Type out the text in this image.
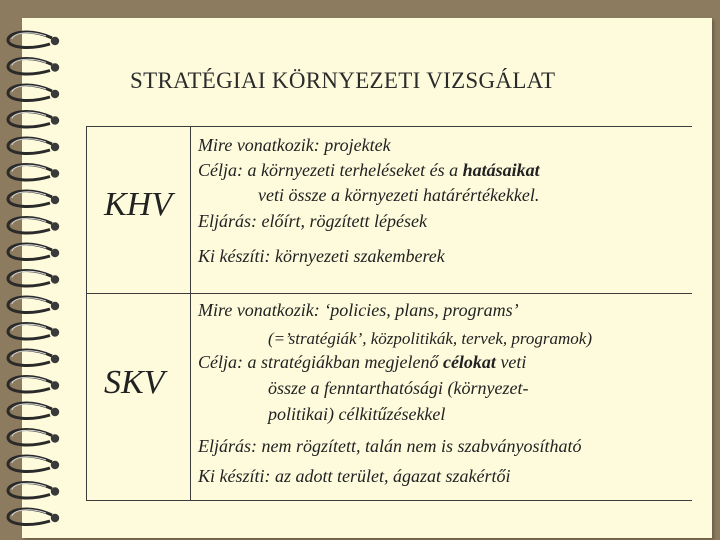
STRATÉGIAI KÖRNYEZETI VIZSGÁLAT
KHV
Mire vonatkozik: projektek
Célja: a környezeti terheléseket és a hatásaikat
veti össze a környezeti határértékekkel.
Eljárás: előírt, rögzített lépések
Ki készíti: környezeti szakemberek
SKV
Mire vonatkozik: ‘policies, plans, programs’
(=’stratégiák’, közpolitikák, tervek, programok)
Célja: a stratégiákban megjelenő célokat veti
össze a fenntarthatósági (környezet-
politikai) célkitűzésekkel
Eljárás: nem rögzített, talán nem is szabványosítható
Ki készíti: az adott terület, ágazat szakértői
